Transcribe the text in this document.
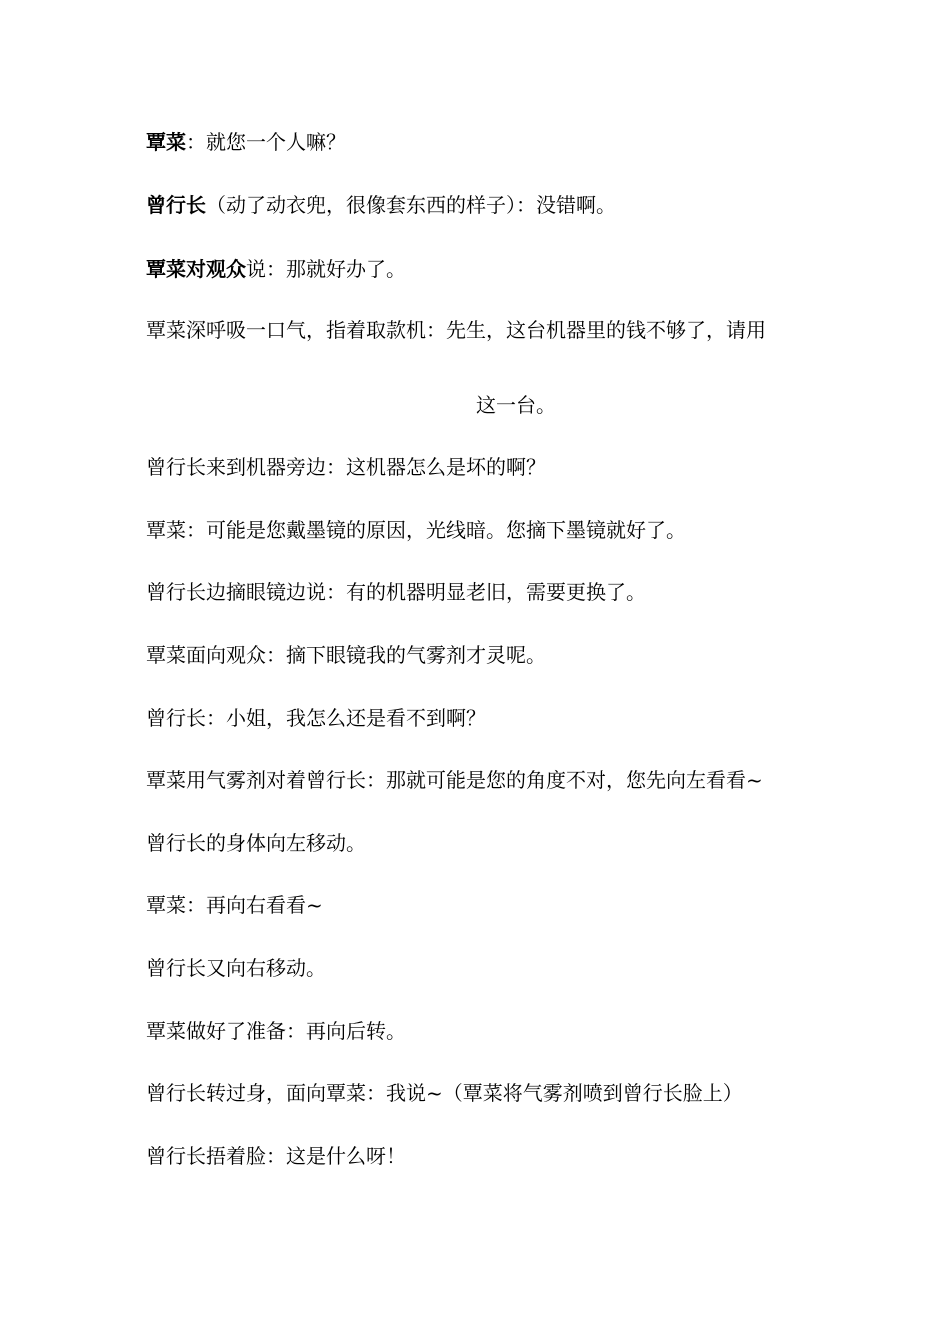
覃菜：就您一个人嘛？

曾行长（动了动衣兜，很像套东西的样子）：没错啊。

覃菜对观众说：那就好办了。

覃菜深呼吸一口气，指着取款机：先生，这台机器里的钱不够了，请用

这一台。

曾行长来到机器旁边：这机器怎么是坏的啊？

覃菜：可能是您戴墨镜的原因，光线暗。您摘下墨镜就好了。

曾行长边摘眼镜边说：有的机器明显老旧，需要更换了。

覃菜面向观众：摘下眼镜我的气雾剂才灵呢。

曾行长：小姐，我怎么还是看不到啊？

覃菜用气雾剂对着曾行长：那就可能是您的角度不对，您先向左看看~

曾行长的身体向左移动。

覃菜：再向右看看~

曾行长又向右移动。

覃菜做好了准备：再向后转。

曾行长转过身，面向覃菜：我说~（覃菜将气雾剂喷到曾行长脸上）

曾行长捂着脸：这是什么呀！
